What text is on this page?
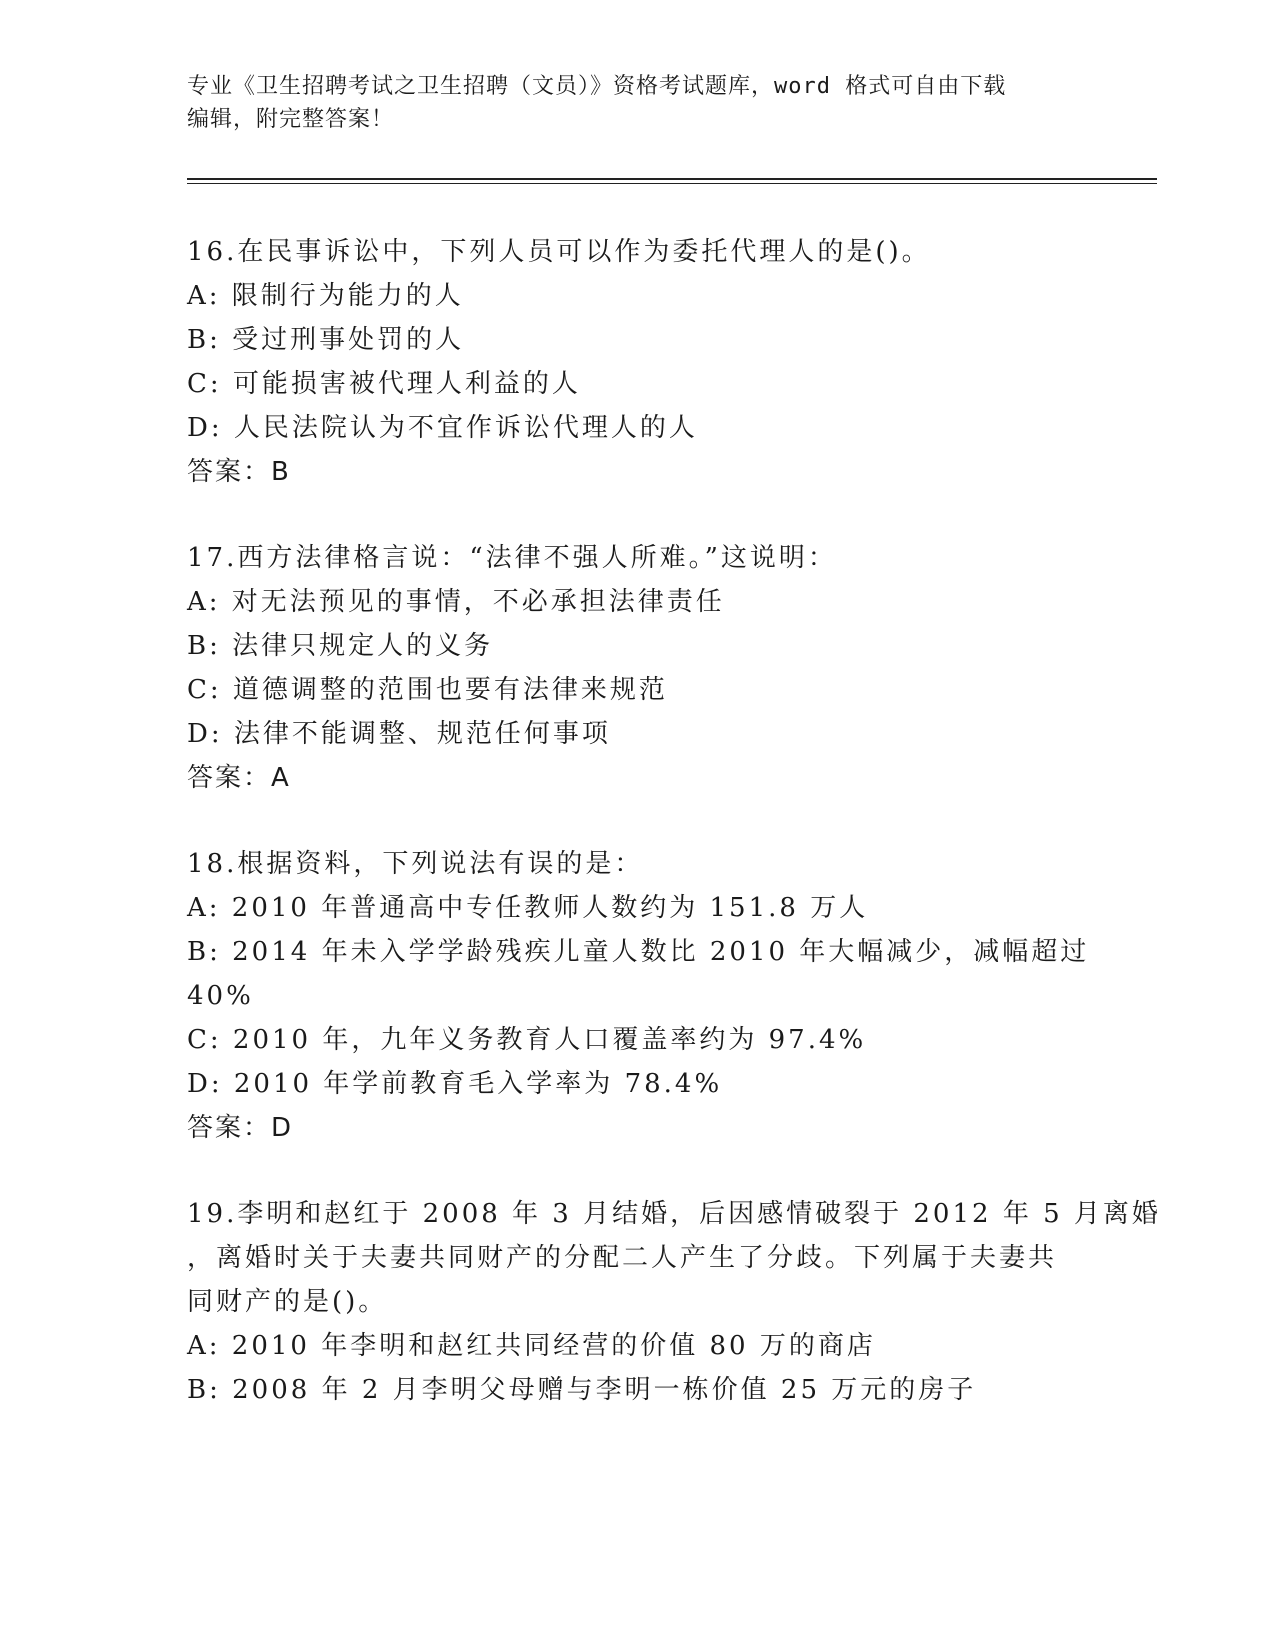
专业《卫生招聘考试之卫生招聘（文员）》资格考试题库，word 格式可自由下载
编辑，附完整答案！
16.在民事诉讼中，下列人员可以作为委托代理人的是()。
A: 限制行为能力的人
B: 受过刑事处罚的人
C: 可能损害被代理人利益的人
D: 人民法院认为不宜作诉讼代理人的人
答案：B
17.西方法律格言说：“法律不强人所难。”这说明：
A: 对无法预见的事情，不必承担法律责任
B: 法律只规定人的义务
C: 道德调整的范围也要有法律来规范
D: 法律不能调整、规范任何事项
答案：A
18.根据资料，下列说法有误的是：
A: 2010 年普通高中专任教师人数约为 151.8 万人
B: 2014 年未入学学龄残疾儿童人数比 2010 年大幅减少，减幅超过
40%
C: 2010 年，九年义务教育人口覆盖率约为 97.4%
D: 2010 年学前教育毛入学率为 78.4%
答案：D
19.李明和赵红于 2008 年 3 月结婚，后因感情破裂于 2012 年 5 月离婚
，离婚时关于夫妻共同财产的分配二人产生了分歧。下列属于夫妻共
同财产的是()。
A: 2010 年李明和赵红共同经营的价值 80 万的商店
B: 2008 年 2 月李明父母赠与李明一栋价值 25 万元的房子
